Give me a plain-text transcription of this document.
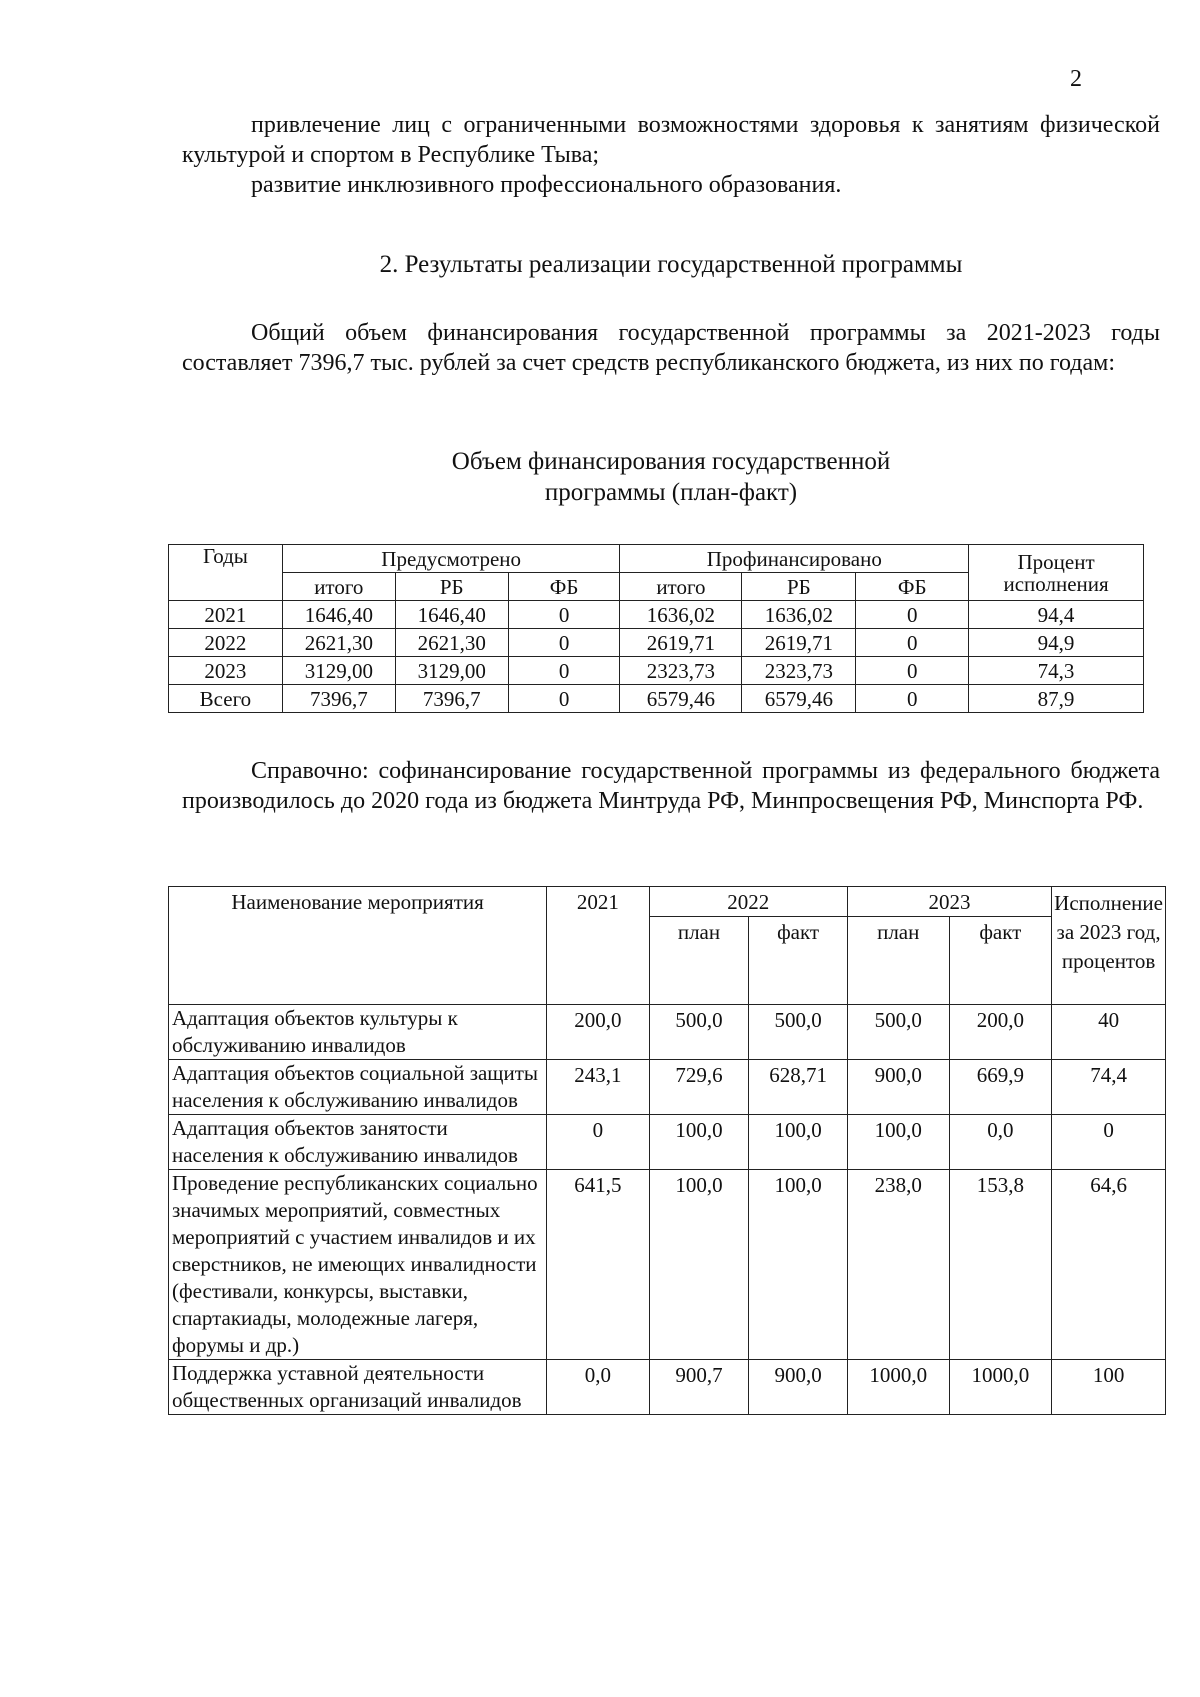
2

привлечение лиц с ограниченными возможностями здоровья к занятиям физической культурой и спортом в Республике Тыва;

развитие инклюзивного профессионального образования.

2. Результаты реализации государственной программы

Общий объем финансирования государственной программы за 2021-2023 годы составляет 7396,7 тыс. рублей за счет средств республиканского бюджета, из них по годам:

Объем финансирования государственной
программы (план-факт)
Годы	Предусмотрено			Профинансировано			Процент
исполнения

	итого	РБ	ФБ	итого	РБ	ФБ	
2021	1646,40	1646,40	0	1636,02	1636,02	0	94,4
2022	2621,30	2621,30	0	2619,71	2619,71	0	94,9
2023	3129,00	3129,00	0	2323,73	2323,73	0	74,3
Всего	7396,7	7396,7	0	6579,46	6579,46	0	87,9

Справочно: софинансирование государственной программы из федерального бюджета производилось до 2020 года из бюджета Минтруда РФ, Минпросвещения РФ, Минспорта РФ.

Наименование мероприятия	2021	2022		2023		Исполнение за 2023 год, процентов
		план	факт	план	факт	
Адаптация объектов культуры к обслуживанию инвалидов	200,0	500,0	500,0	500,0	200,0	40
Адаптация объектов социальной защиты населения к обслуживанию инвалидов	243,1	729,6	628,71	900,0	669,9	74,4
Адаптация объектов занятости населения к обслуживанию инвалидов	0	100,0	100,0	100,0	0,0	0
Проведение республиканских социально значимых мероприятий, совместных мероприятий с участием инвалидов и их сверстников, не имеющих инвалидности (фестивали, конкурсы, выставки, спартакиады, молодежные лагеря, форумы и др.)	641,5	100,0	100,0	238,0	153,8	64,6
Поддержка уставной деятельности общественных организаций инвалидов	0,0	900,7	900,0	1000,0	1000,0	100
